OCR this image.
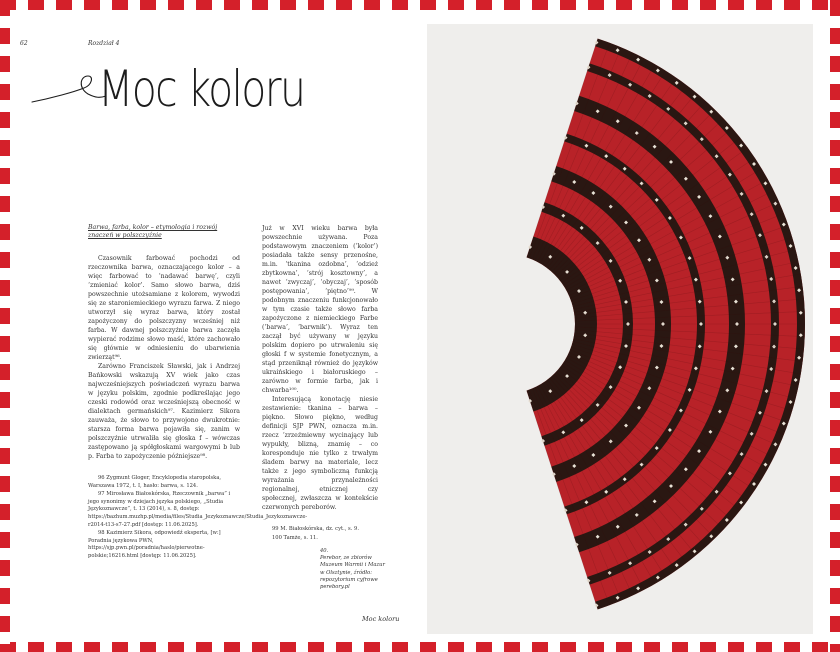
62	Rozdział 4
Moc koloru
Barwa, farba, kolor – etymologia i rozwój znaczeń w polszczyźnie

Czasownik farbować pochodzi od rzeczownika barwa, oznaczającego kolor – a więc farbować to ‘nadawać barwę’, czyli ‘zmieniać kolor’. Samo słowo barwa, dziś powszechnie utożsamiane z kolorem, wywodzi się ze staroniemieckiego wyrazu farwa. Z niego utworzył się wyraz barwa, który został zapożyczony do polszczyzny wcześniej niż farba. W dawnej polszczyźnie barwa zaczęła wypierać rodzime słowo maść, które zachowało się głównie w odniesieniu do ubarwienia zwierząt⁹⁶.

Zarówno Franciszek Sławski, jak i Andrzej Bańkowski wskazują XV wiek jako czas najwcześniejszych poświadczeń wyrazu barwa w języku polskim, zgodnie podkreślając jego czeski rodowód oraz wcześniejszą obecność w dialektach germańskich⁹⁷. Kazimierz Sikora zauważa, że słowo to przywojono dwukrotnie: starsza forma barwa pojawiła się, zanim w polszczyźnie utrwaliła się głoska f – wówczas zastępowano ją spółgłoskami wargowymi b lub p. Farba to zapożyczenie późniejsze⁹⁸.

96 Zygmunt Gloger, Encyklopedia staropolska, Warszawa 1972, t. I, hasło: barwa, s. 124.

97 Mirosława Białoskórska, Rzeczownik „barwa” i jego synonimy w dziejach języka polskiego, „Studia Językoznawcze”, t. 13 (2014), s. 8, dostęp: https://bazhum.muzhp.pl/media/files/Studia_Jezykoznawcze/Studia_Jezykoznawcze-r2014-t13-s7-27.pdf [dostęp: 11.06.2025].

98 Kazimierz Sikora, odpowiedź eksperta, [w:] Poradnia językowa PWN, https://sjp.pwn.pl/poradnia/haslo/pierwotne-polskie;16216.html [dostęp: 11.06.2025].

Już w XVI wieku barwa była powszechnie używana. Poza podstawowym znaczeniem (‘kolor’) posiadała także sensy przenośne, m.in. ‘tkanina ozdobna’, ‘odzież zbytkowna’, ‘strój kosztowny’, a nawet ‘zwyczaj’, ‘obyczaj’, ‘sposób postępowania’, ‘piętno’⁹⁹. W podobnym znaczeniu funkcjonowało w tym czasie także słowo farba zapożyczone z niemieckiego Farbe (‘barwa’, ‘barwnik’). Wyraz ten zaczął być używany w języku polskim dopiero po utrwaleniu się głoski f w systemie fonetycznym, a stąd przeniknął również do języków ukraińskiego i białoruskiego – zarówno w formie farba, jak i chwarba¹⁰⁰.

Interesującą konotację niesie zestawienie: tkanina – barwa – piękno. Słowo piękno, według definicji SJP PWN, oznacza m.in. rzecz ‘zrzeźmiewny wycinający lub wypukły, blizną, znamię – co koresponduje nie tylko z trwałym śladem barwy na materiale, lecz także z jego symboliczną funkcją wyrażania przynależności regionalnej, etnicznej czy społecznej, zwłaszcza w kontekście czerwonych pereborów.

99 M. Białoskórska, dz. cyt., s. 9.

100 Tamże, s. 11.

40.
Perebor, ze zbiorów
Muzeum Warmii i Mazur
w Olsztynie, źródło:
repozytorium cyfrowe
perebory.pl
Moc koloru
